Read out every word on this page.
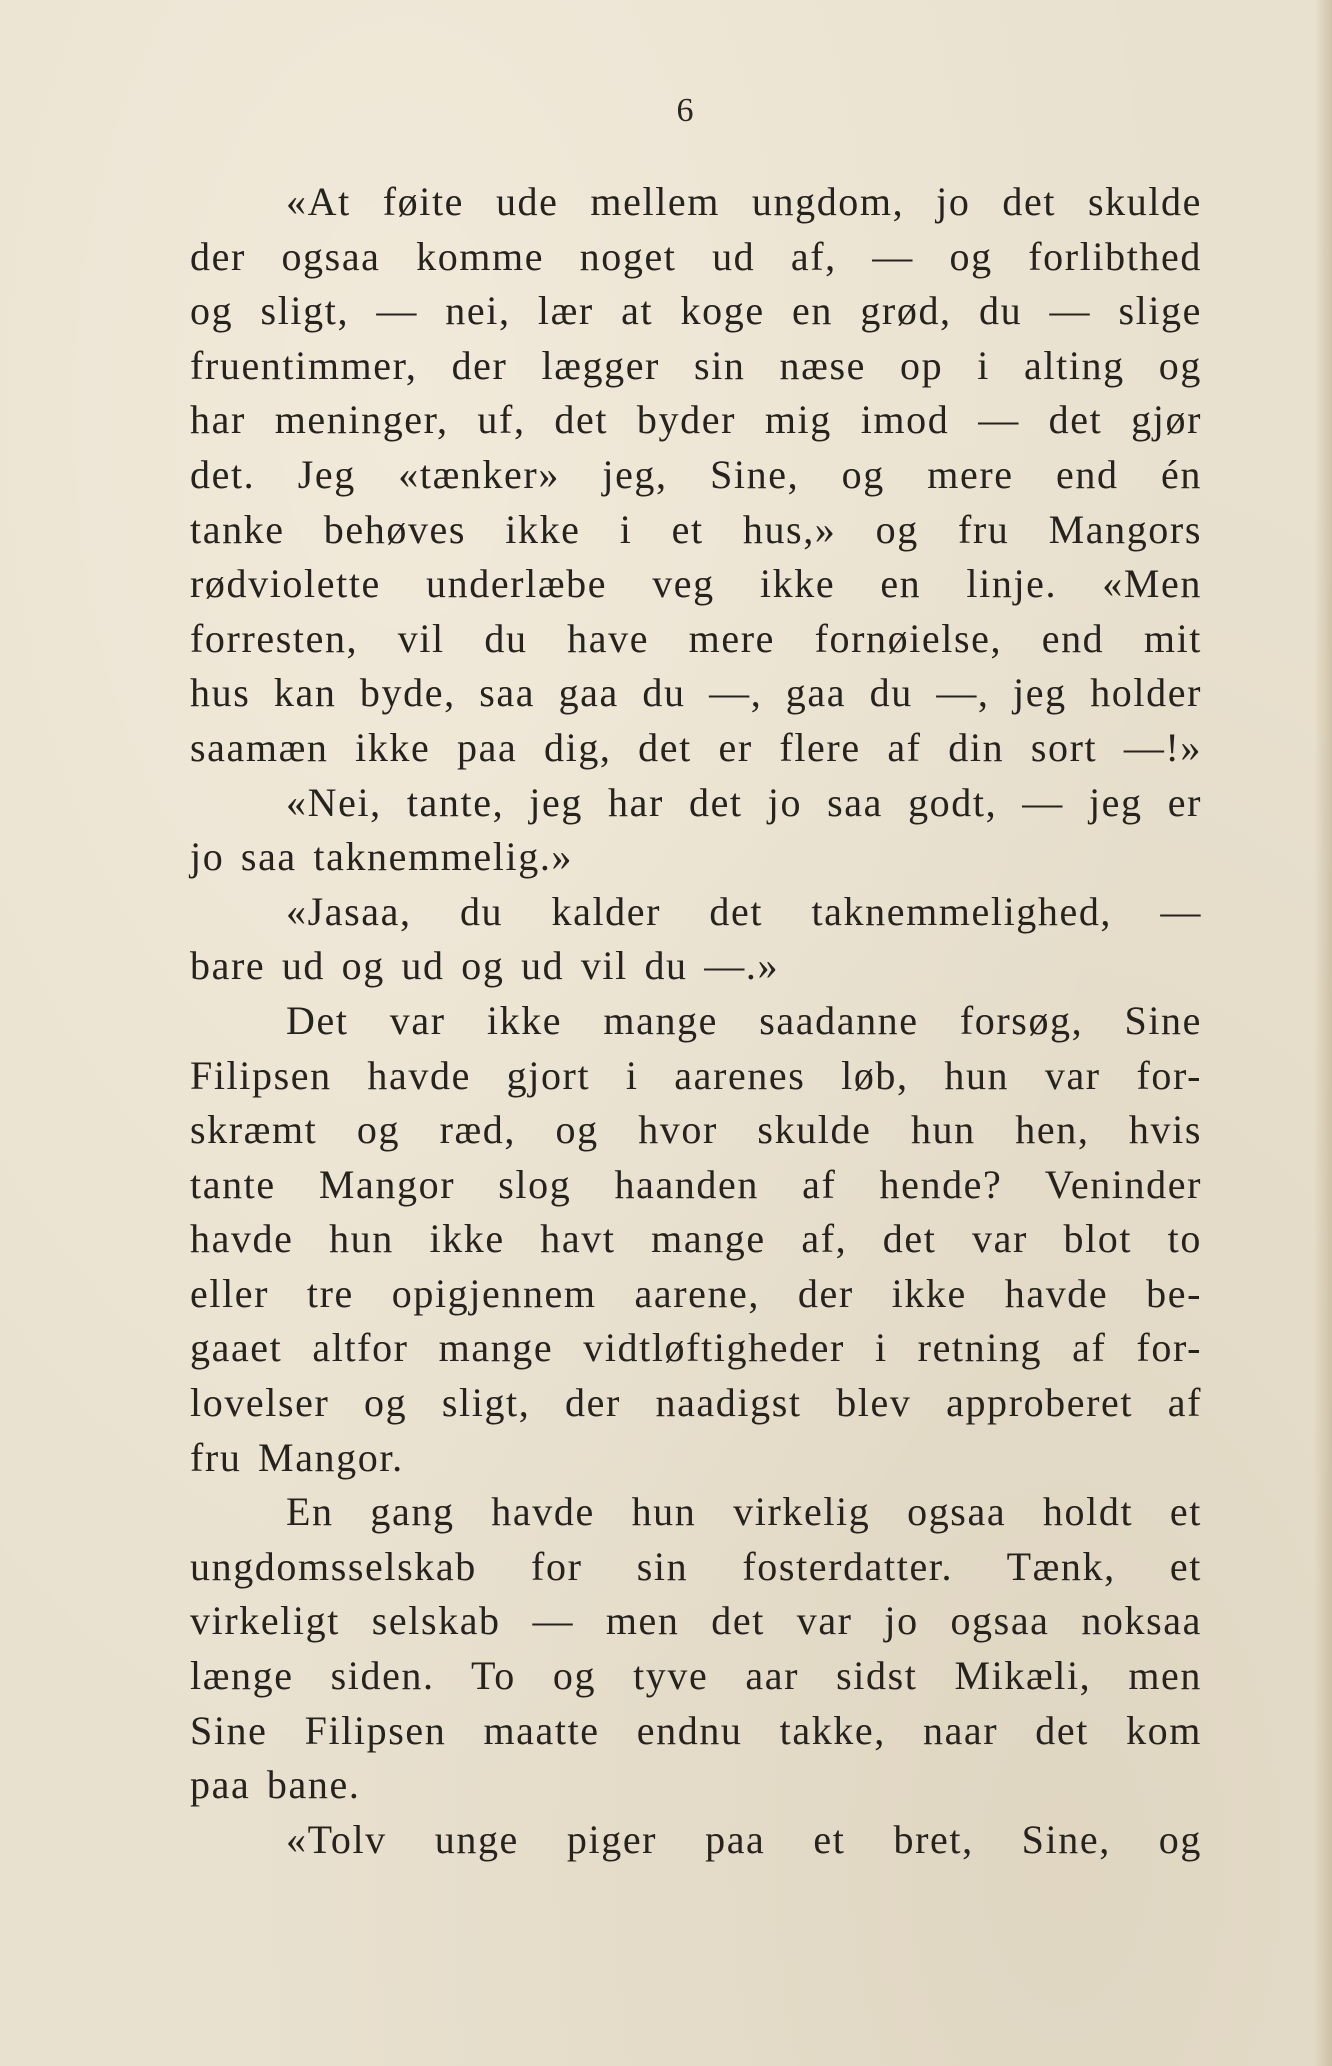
6

«At føite ude mellem ungdom, jo det skulde
der ogsaa komme noget ud af, — og forlibthed
og sligt, — nei, lær at koge en grød, du — slige
fruentimmer, der lægger sin næse op i alting og
har meninger, uf, det byder mig imod — det gjør
det. Jeg «tænker» jeg, Sine, og mere end én
tanke behøves ikke i et hus,» og fru Mangors
rødviolette underlæbe veg ikke en linje. «Men
forresten, vil du have mere fornøielse, end mit
hus kan byde, saa gaa du —, gaa du —, jeg holder
saamæn ikke paa dig, det er flere af din sort —!»
«Nei, tante, jeg har det jo saa godt, — jeg er
jo saa taknemmelig.»
«Jasaa, du kalder det taknemmelighed, —
bare ud og ud og ud vil du —.»
Det var ikke mange saadanne forsøg, Sine
Filipsen havde gjort i aarenes løb, hun var for-
skræmt og ræd, og hvor skulde hun hen, hvis
tante Mangor slog haanden af hende? Veninder
havde hun ikke havt mange af, det var blot to
eller tre opigjennem aarene, der ikke havde be-
gaaet altfor mange vidtløftigheder i retning af for-
lovelser og sligt, der naadigst blev approberet af
fru Mangor.
En gang havde hun virkelig ogsaa holdt et
ungdomsselskab for sin fosterdatter. Tænk, et
virkeligt selskab — men det var jo ogsaa noksaa
længe siden. To og tyve aar sidst Mikæli, men
Sine Filipsen maatte endnu takke, naar det kom
paa bane.
«Tolv unge piger paa et bret, Sine, og
